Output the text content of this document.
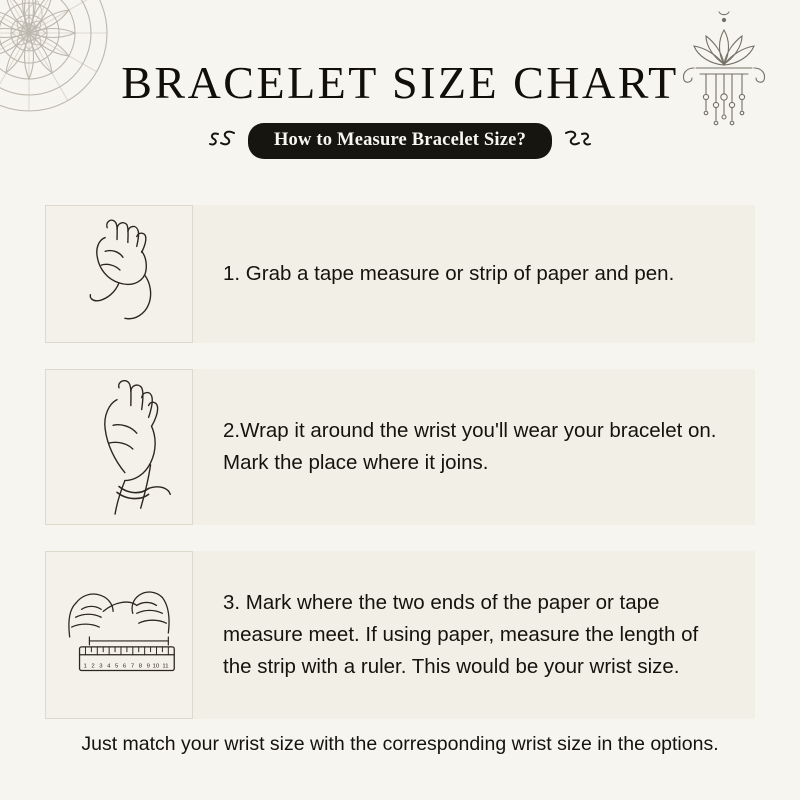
BRACELET SIZE CHART
How to Measure Bracelet Size?
1. Grab a tape measure or strip of paper and pen.
2.Wrap it around the wrist you'll wear your bracelet on. Mark the place where it joins.
1 2 3 4 5 6 7 8 9 10 11
3. Mark where the two ends of the paper or tape measure meet. If using paper, measure the length of the strip with a ruler. This would be your wrist size.
Just match your wrist size with the corresponding wrist size in the options.
